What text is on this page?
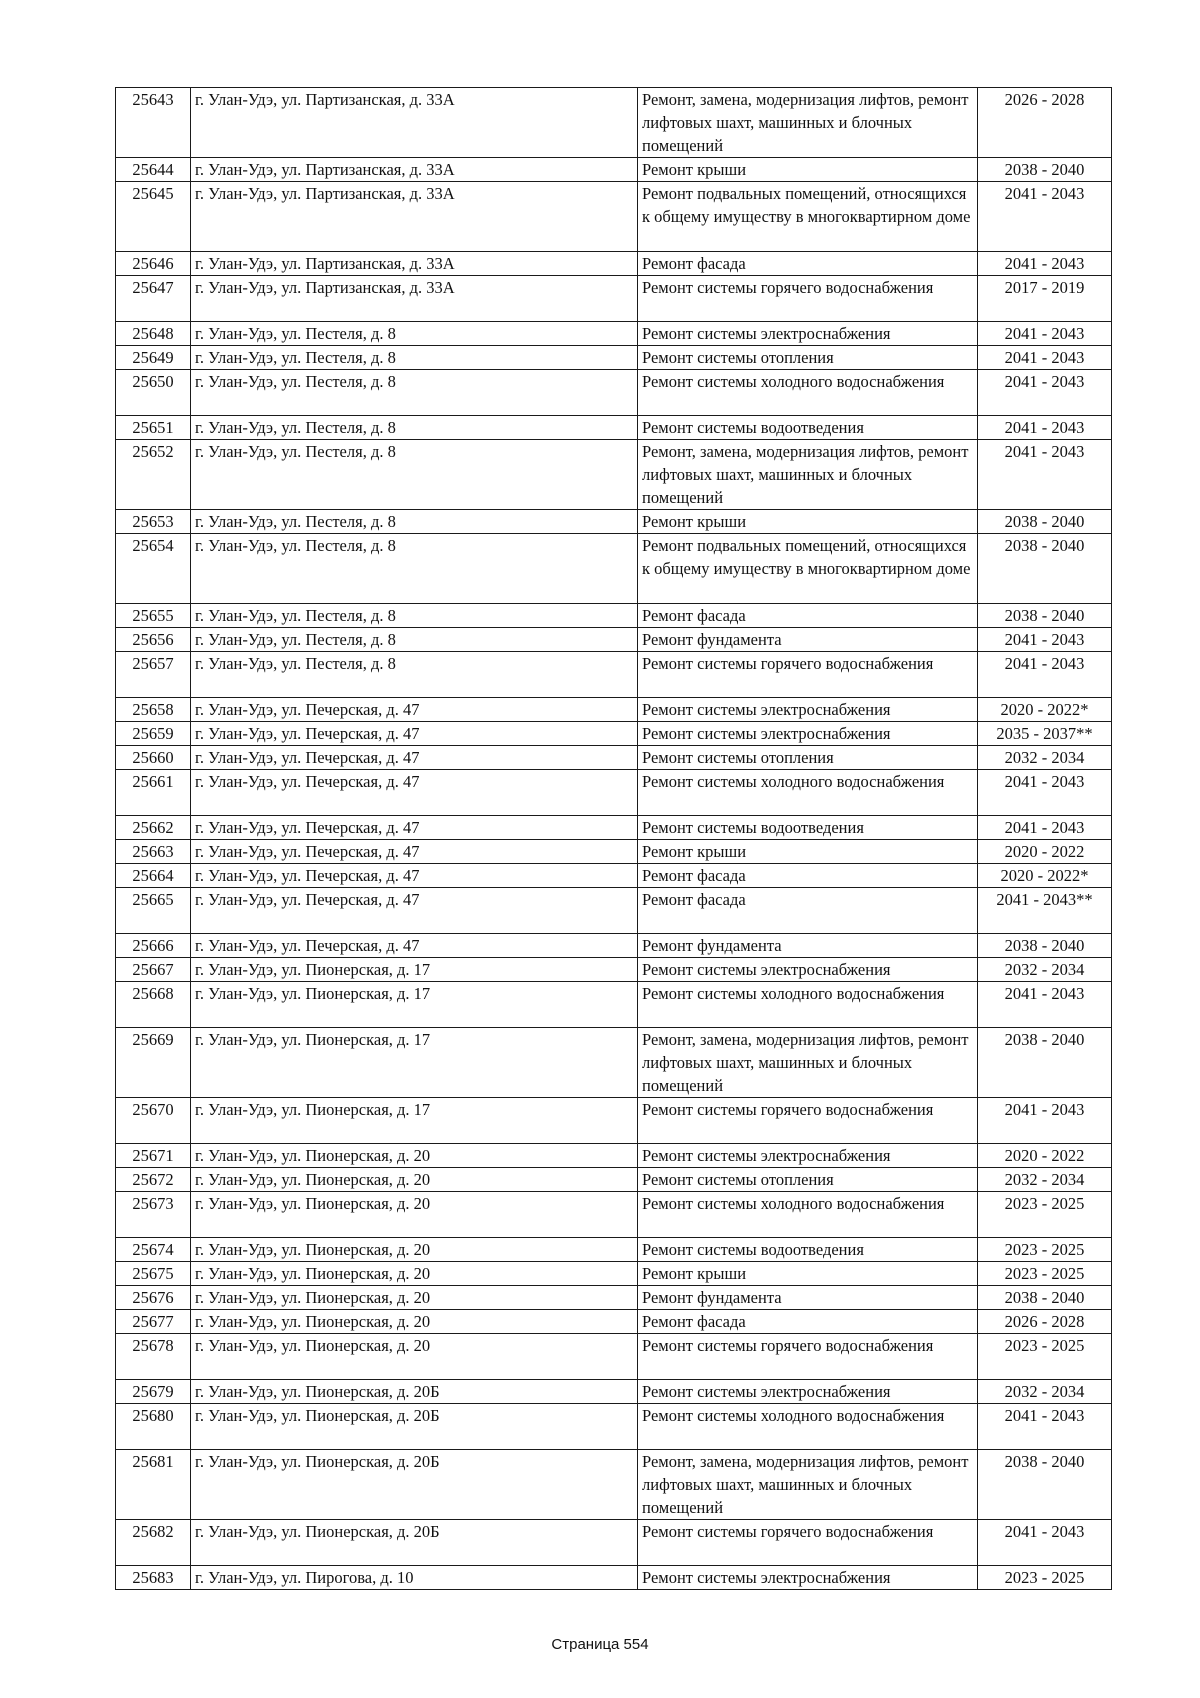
25643	г. Улан-Удэ, ул. Партизанская, д. 33А	Ремонт, замена, модернизация лифтов, ремонт лифтовых шахт, машинных и блочных помещений	2026 - 2028
25644	г. Улан-Удэ, ул. Партизанская, д. 33А	Ремонт крыши	2038 - 2040
25645	г. Улан-Удэ, ул. Партизанская, д. 33А	Ремонт подвальных помещений, относящихся к общему имуществу в многоквартирном доме	2041 - 2043
25646	г. Улан-Удэ, ул. Партизанская, д. 33А	Ремонт фасада	2041 - 2043
25647	г. Улан-Удэ, ул. Партизанская, д. 33А	Ремонт системы горячего водоснабжения	2017 - 2019
25648	г. Улан-Удэ, ул. Пестеля, д. 8	Ремонт системы электроснабжения	2041 - 2043
25649	г. Улан-Удэ, ул. Пестеля, д. 8	Ремонт системы отопления	2041 - 2043
25650	г. Улан-Удэ, ул. Пестеля, д. 8	Ремонт системы холодного водоснабжения	2041 - 2043
25651	г. Улан-Удэ, ул. Пестеля, д. 8	Ремонт системы водоотведения	2041 - 2043
25652	г. Улан-Удэ, ул. Пестеля, д. 8	Ремонт, замена, модернизация лифтов, ремонт лифтовых шахт, машинных и блочных помещений	2041 - 2043
25653	г. Улан-Удэ, ул. Пестеля, д. 8	Ремонт крыши	2038 - 2040
25654	г. Улан-Удэ, ул. Пестеля, д. 8	Ремонт подвальных помещений, относящихся к общему имуществу в многоквартирном доме	2038 - 2040
25655	г. Улан-Удэ, ул. Пестеля, д. 8	Ремонт фасада	2038 - 2040
25656	г. Улан-Удэ, ул. Пестеля, д. 8	Ремонт фундамента	2041 - 2043
25657	г. Улан-Удэ, ул. Пестеля, д. 8	Ремонт системы горячего водоснабжения	2041 - 2043
25658	г. Улан-Удэ, ул. Печерская, д. 47	Ремонт системы электроснабжения	2020 - 2022*
25659	г. Улан-Удэ, ул. Печерская, д. 47	Ремонт системы электроснабжения	2035 - 2037**
25660	г. Улан-Удэ, ул. Печерская, д. 47	Ремонт системы отопления	2032 - 2034
25661	г. Улан-Удэ, ул. Печерская, д. 47	Ремонт системы холодного водоснабжения	2041 - 2043
25662	г. Улан-Удэ, ул. Печерская, д. 47	Ремонт системы водоотведения	2041 - 2043
25663	г. Улан-Удэ, ул. Печерская, д. 47	Ремонт крыши	2020 - 2022
25664	г. Улан-Удэ, ул. Печерская, д. 47	Ремонт фасада	2020 - 2022*
25665	г. Улан-Удэ, ул. Печерская, д. 47	Ремонт фасада	2041 - 2043**
25666	г. Улан-Удэ, ул. Печерская, д. 47	Ремонт фундамента	2038 - 2040
25667	г. Улан-Удэ, ул. Пионерская, д. 17	Ремонт системы электроснабжения	2032 - 2034
25668	г. Улан-Удэ, ул. Пионерская, д. 17	Ремонт системы холодного водоснабжения	2041 - 2043
25669	г. Улан-Удэ, ул. Пионерская, д. 17	Ремонт, замена, модернизация лифтов, ремонт лифтовых шахт, машинных и блочных помещений	2038 - 2040
25670	г. Улан-Удэ, ул. Пионерская, д. 17	Ремонт системы горячего водоснабжения	2041 - 2043
25671	г. Улан-Удэ, ул. Пионерская, д. 20	Ремонт системы электроснабжения	2020 - 2022
25672	г. Улан-Удэ, ул. Пионерская, д. 20	Ремонт системы отопления	2032 - 2034
25673	г. Улан-Удэ, ул. Пионерская, д. 20	Ремонт системы холодного водоснабжения	2023 - 2025
25674	г. Улан-Удэ, ул. Пионерская, д. 20	Ремонт системы водоотведения	2023 - 2025
25675	г. Улан-Удэ, ул. Пионерская, д. 20	Ремонт крыши	2023 - 2025
25676	г. Улан-Удэ, ул. Пионерская, д. 20	Ремонт фундамента	2038 - 2040
25677	г. Улан-Удэ, ул. Пионерская, д. 20	Ремонт фасада	2026 - 2028
25678	г. Улан-Удэ, ул. Пионерская, д. 20	Ремонт системы горячего водоснабжения	2023 - 2025
25679	г. Улан-Удэ, ул. Пионерская, д. 20Б	Ремонт системы электроснабжения	2032 - 2034
25680	г. Улан-Удэ, ул. Пионерская, д. 20Б	Ремонт системы холодного водоснабжения	2041 - 2043
25681	г. Улан-Удэ, ул. Пионерская, д. 20Б	Ремонт, замена, модернизация лифтов, ремонт лифтовых шахт, машинных и блочных помещений	2038 - 2040
25682	г. Улан-Удэ, ул. Пионерская, д. 20Б	Ремонт системы горячего водоснабжения	2041 - 2043
25683	г. Улан-Удэ, ул. Пирогова, д. 10	Ремонт системы электроснабжения	2023 - 2025
Страница 554
